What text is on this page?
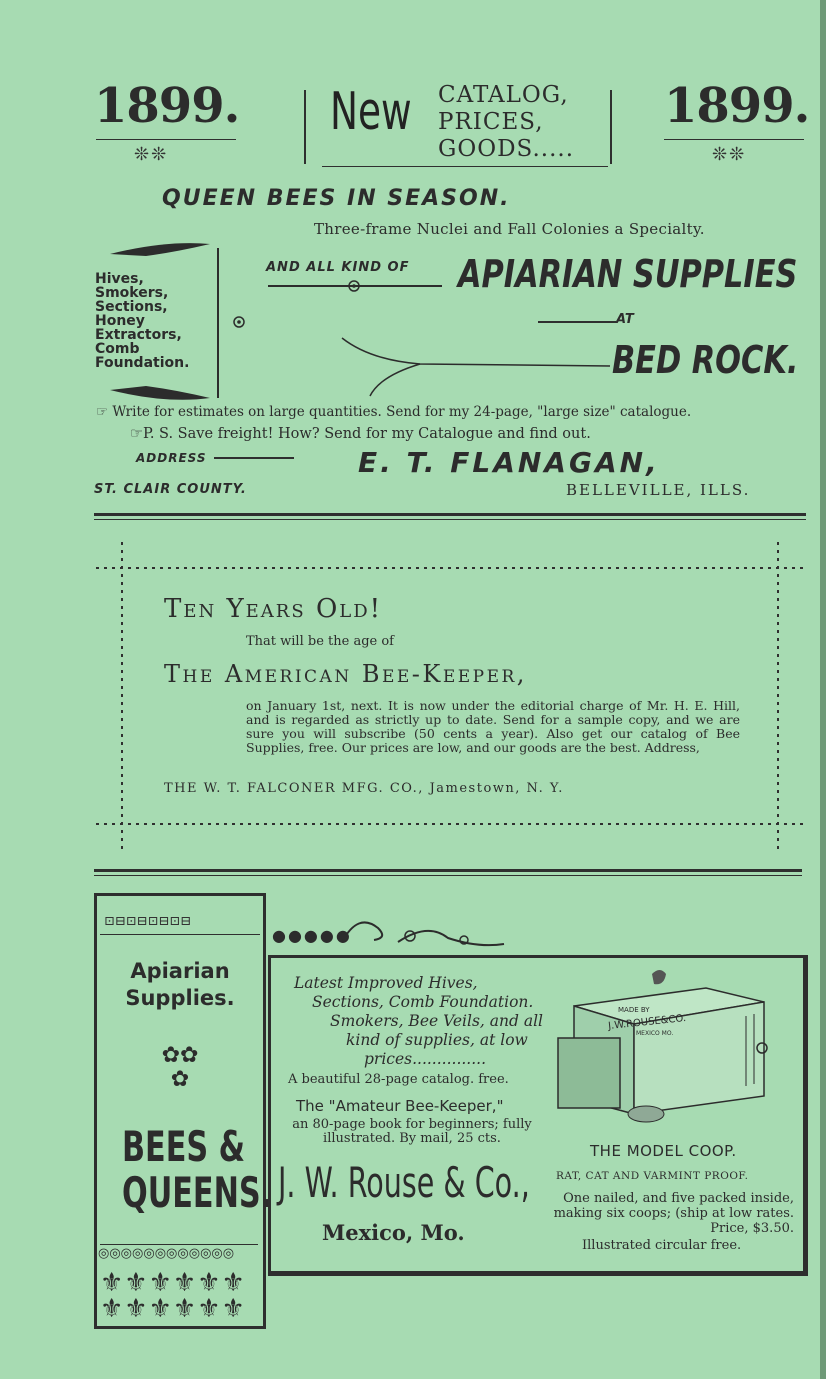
1899.
❊❊
New CATALOG,
PRICES,
GOODS.....
1899.
❊❊
QUEEN BEES IN SEASON.
Three-frame Nuclei and Fall Colonies a Specialty.
Hives,
Smokers,
Sections,
Honey
Extractors,
Comb
Foundation.
AND ALL KIND OF APIARIAN SUPPLIES
AT
BED ROCK.
☞ Write for estimates on large quantities. Send for my 24-page, "large size" catalogue.
☞P. S. Save freight! How? Send for my Catalogue and find out.
ADDRESS	E. T. FLANAGAN,
ST. CLAIR COUNTY.	BELLEVILLE, ILLS.
Ten Years Old!
That will be the age of
The American Bee-Keeper,
on January 1st, next. It is now under the editorial charge of Mr. H. E. Hill, and is regarded as strictly up to date. Send for a sample copy, and we are sure you will subscribe (50 cents a year). Also get our catalog of Bee Supplies, free. Our prices are low, and our goods are the best. Address,
THE W. T. FALCONER MFG. CO., Jamestown, N. Y.
⊡⊟⊡⊟⊡⊟⊡⊟
Apiarian Supplies.
✿✿
✿
BEES & QUEENS.
◎◎◎◎◎◎◎◎◎◎◎◎
⚜⚜⚜⚜⚜⚜
⚜⚜⚜⚜⚜⚜
●●●●●
Latest Improved Hives,
Sections, Comb Foundation.
Smokers, Bee Veils, and all
kind of supplies, at low
prices...............
A beautiful 28-page catalog. free.
The "Amateur Bee-Keeper,"
an 80-page book for beginners; fully illustrated. By mail, 25 cts.
J. W. Rouse & Co.,
Mexico, Mo.
MADE BY
J.W.ROUSE&CO.
MEXICO MO.
THE MODEL COOP.
RAT, CAT AND VARMINT PROOF.
One nailed, and five packed inside, making six coops; (ship at low rates. Price, $3.50.
Illustrated circular free.
